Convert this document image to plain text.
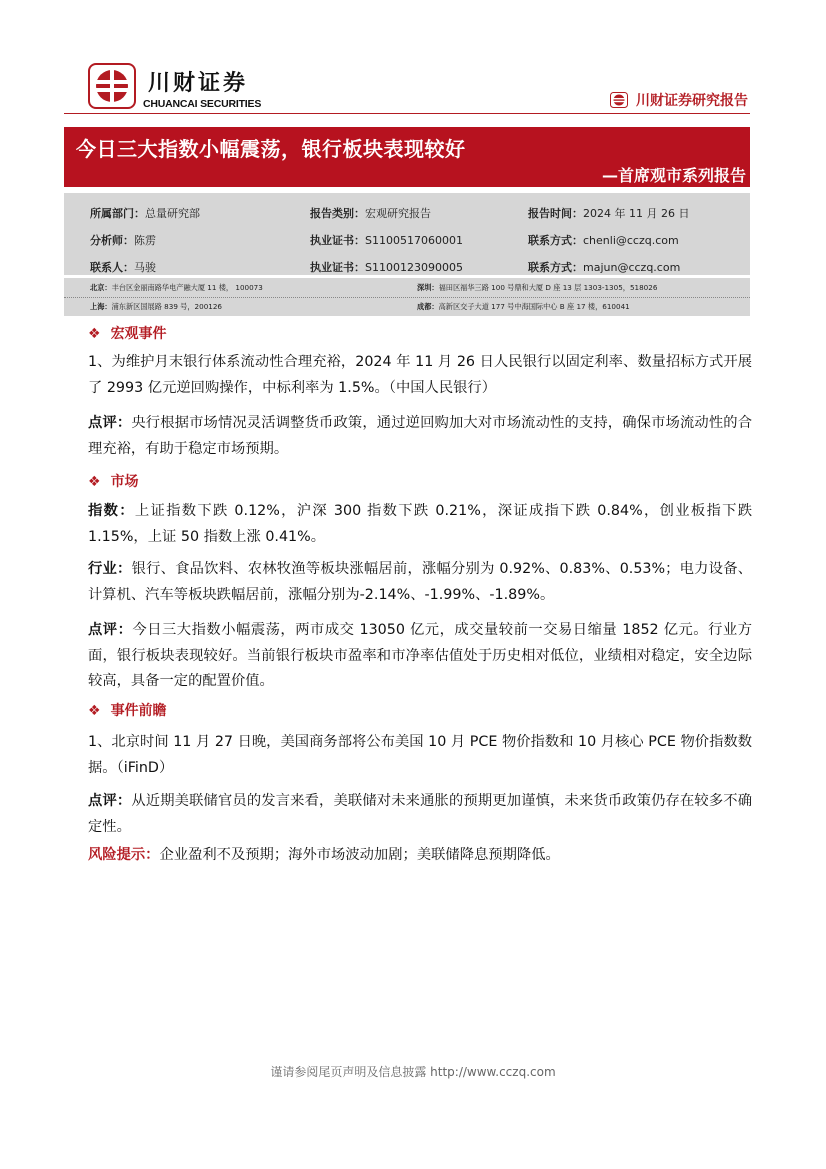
川财证券
CHUANCAI SECURITIES	川财证券研究报告
今日三大指数小幅震荡，银行板块表现较好
—首席观市系列报告
所属部门：总量研究部	报告类别：宏观研究报告	报告时间：2024 年 11 月 26 日
分析师：陈雳	执业证书：S1100517060001	联系方式：chenli@cczq.com
联系人：马骏	执业证书：S1100123090005	联系方式：majun@cczq.com
北京：丰台区金丽南路华电产融大厦 11 楼， 100073	深圳：福田区福华三路 100 号鼎和大厦 D 座 13 层 1303-1305，518026
上海：浦东新区国展路 839 号，200126	成都：高新区交子大道 177 号中海国际中心 B 座 17 楼，610041
❖ 宏观事件
1、为维护月末银行体系流动性合理充裕，2024 年 11 月 26 日人民银行以固定利率、数量招标方式开展了 2993 亿元逆回购操作，中标利率为 1.5%。（中国人民银行）
点评：央行根据市场情况灵活调整货币政策，通过逆回购加大对市场流动性的支持，确保市场流动性的合理充裕，有助于稳定市场预期。
❖ 市场
指数：上证指数下跌 0.12%，沪深 300 指数下跌 0.21%，深证成指下跌 0.84%，创业板指下跌 1.15%，上证 50 指数上涨 0.41%。
行业：银行、食品饮料、农林牧渔等板块涨幅居前，涨幅分别为 0.92%、0.83%、0.53%；电力设备、计算机、汽车等板块跌幅居前，涨幅分别为-2.14%、-1.99%、-1.89%。
点评：今日三大指数小幅震荡，两市成交 13050 亿元，成交量较前一交易日缩量 1852 亿元。行业方面，银行板块表现较好。当前银行板块市盈率和市净率估值处于历史相对低位，业绩相对稳定，安全边际较高，具备一定的配置价值。
❖ 事件前瞻
1、北京时间 11 月 27 日晚，美国商务部将公布美国 10 月 PCE 物价指数和 10 月核心 PCE 物价指数数据。（iFinD）
点评：从近期美联储官员的发言来看，美联储对未来通胀的预期更加谨慎，未来货币政策仍存在较多不确定性。
风险提示：企业盈利不及预期；海外市场波动加剧；美联储降息预期降低。
谨请参阅尾页声明及信息披露 http://www.cczq.com
